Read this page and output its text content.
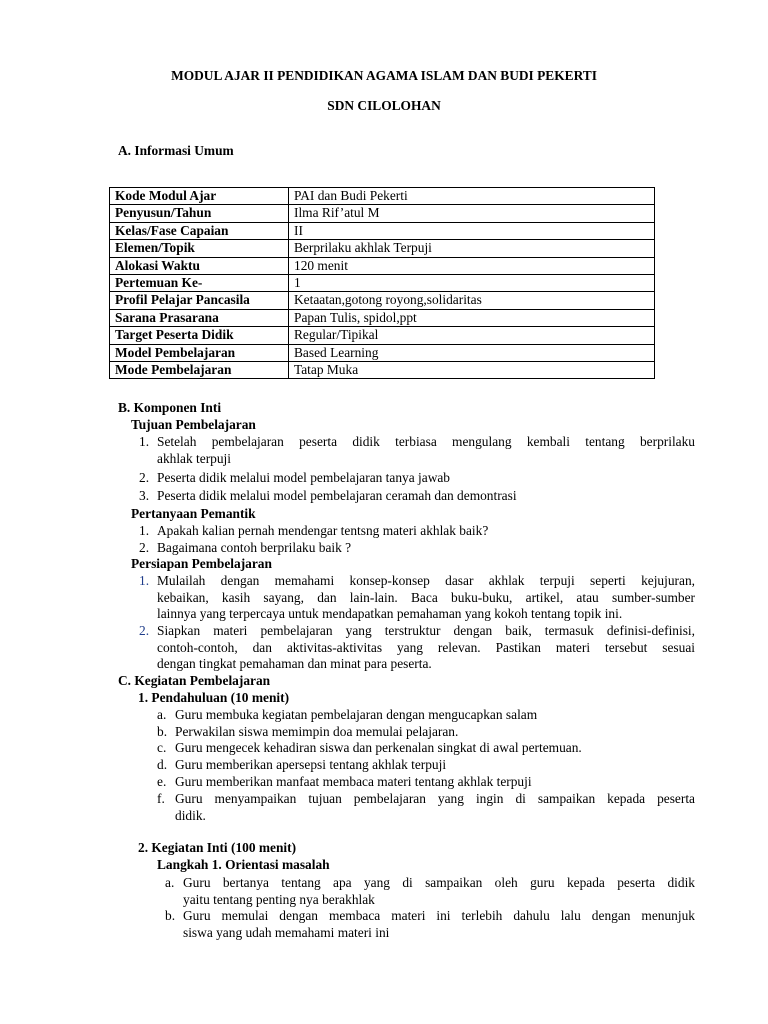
MODUL AJAR II PENDIDIKAN AGAMA ISLAM DAN BUDI PEKERTI
SDN CILOLOHAN
A. Informasi Umum
Kode Modul Ajar	PAI dan Budi Pekerti
Penyusun/Tahun	Ilma Rif’atul M
Kelas/Fase Capaian	II
Elemen/Topik	Berprilaku akhlak Terpuji
Alokasi Waktu	120 menit
Pertemuan Ke-	1
Profil Pelajar Pancasila	Ketaatan,gotong royong,solidaritas
Sarana Prasarana	Papan Tulis, spidol,ppt
Target Peserta Didik	Regular/Tipikal
Model Pembelajaran	Based Learning
Mode Pembelajaran	Tatap Muka
B. Komponen Inti
Tujuan Pembelajaran
1. Setelah pembelajaran peserta didik terbiasa mengulang kembali tentang berprilaku
akhlak terpuji
2. Peserta didik melalui model pembelajaran tanya jawab
3. Peserta didik melalui model pembelajaran ceramah dan demontrasi
Pertanyaan Pemantik
1. Apakah kalian pernah mendengar tentsng materi akhlak baik?
2. Bagaimana contoh berprilaku baik ?
Persiapan Pembelajaran
1. Mulailah dengan memahami konsep-konsep dasar akhlak terpuji seperti kejujuran,
kebaikan, kasih sayang, dan lain-lain. Baca buku-buku, artikel, atau sumber-sumber
lainnya yang terpercaya untuk mendapatkan pemahaman yang kokoh tentang topik ini.
2. Siapkan materi pembelajaran yang terstruktur dengan baik, termasuk definisi-definisi,
contoh-contoh, dan aktivitas-aktivitas yang relevan. Pastikan materi tersebut sesuai
dengan tingkat pemahaman dan minat para peserta.
C. Kegiatan Pembelajaran
1. Pendahuluan (10 menit)
a. Guru membuka kegiatan pembelajaran dengan mengucapkan salam
b. Perwakilan siswa memimpin doa memulai pelajaran.
c. Guru mengecek kehadiran siswa dan perkenalan singkat di awal pertemuan.
d. Guru memberikan apersepsi tentang akhlak terpuji
e. Guru memberikan manfaat membaca materi tentang akhlak terpuji
f. Guru menyampaikan tujuan pembelajaran yang ingin di sampaikan kepada peserta
didik.
2. Kegiatan Inti (100 menit)
Langkah 1. Orientasi masalah
a. Guru bertanya tentang apa yang di sampaikan oleh guru kepada peserta didik
yaitu tentang penting nya berakhlak
b. Guru memulai dengan membaca materi ini terlebih dahulu lalu dengan menunjuk
siswa yang udah memahami materi ini
